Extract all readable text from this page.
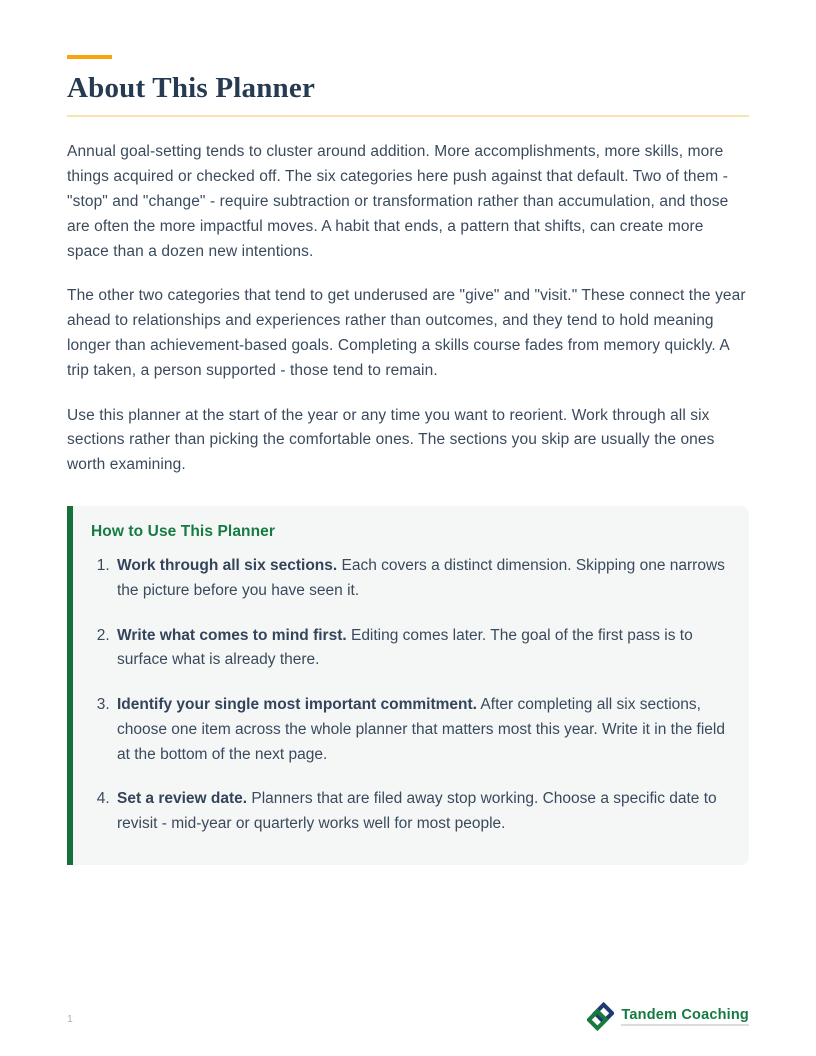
About This Planner

Annual goal-setting tends to cluster around addition. More accomplishments, more skills, more things acquired or checked off. The six categories here push against that default. Two of them - "stop" and "change" - require subtraction or transformation rather than accumulation, and those are often the more impactful moves. A habit that ends, a pattern that shifts, can create more space than a dozen new intentions.

The other two categories that tend to get underused are "give" and "visit." These connect the year ahead to relationships and experiences rather than outcomes, and they tend to hold meaning longer than achievement-based goals. Completing a skills course fades from memory quickly. A trip taken, a person supported - those tend to remain.

Use this planner at the start of the year or any time you want to reorient. Work through all six sections rather than picking the comfortable ones. The sections you skip are usually the ones worth examining.

How to Use This Planner
1. Work through all six sections. Each covers a distinct dimension. Skipping one narrows the picture before you have seen it.
2. Write what comes to mind first. Editing comes later. The goal of the first pass is to surface what is already there.
3. Identify your single most important commitment. After completing all six sections, choose one item across the whole planner that matters most this year. Write it in the field at the bottom of the next page.
4. Set a review date. Planners that are filed away stop working. Choose a specific date to revisit - mid-year or quarterly works well for most people.
1	Tandem Coaching
